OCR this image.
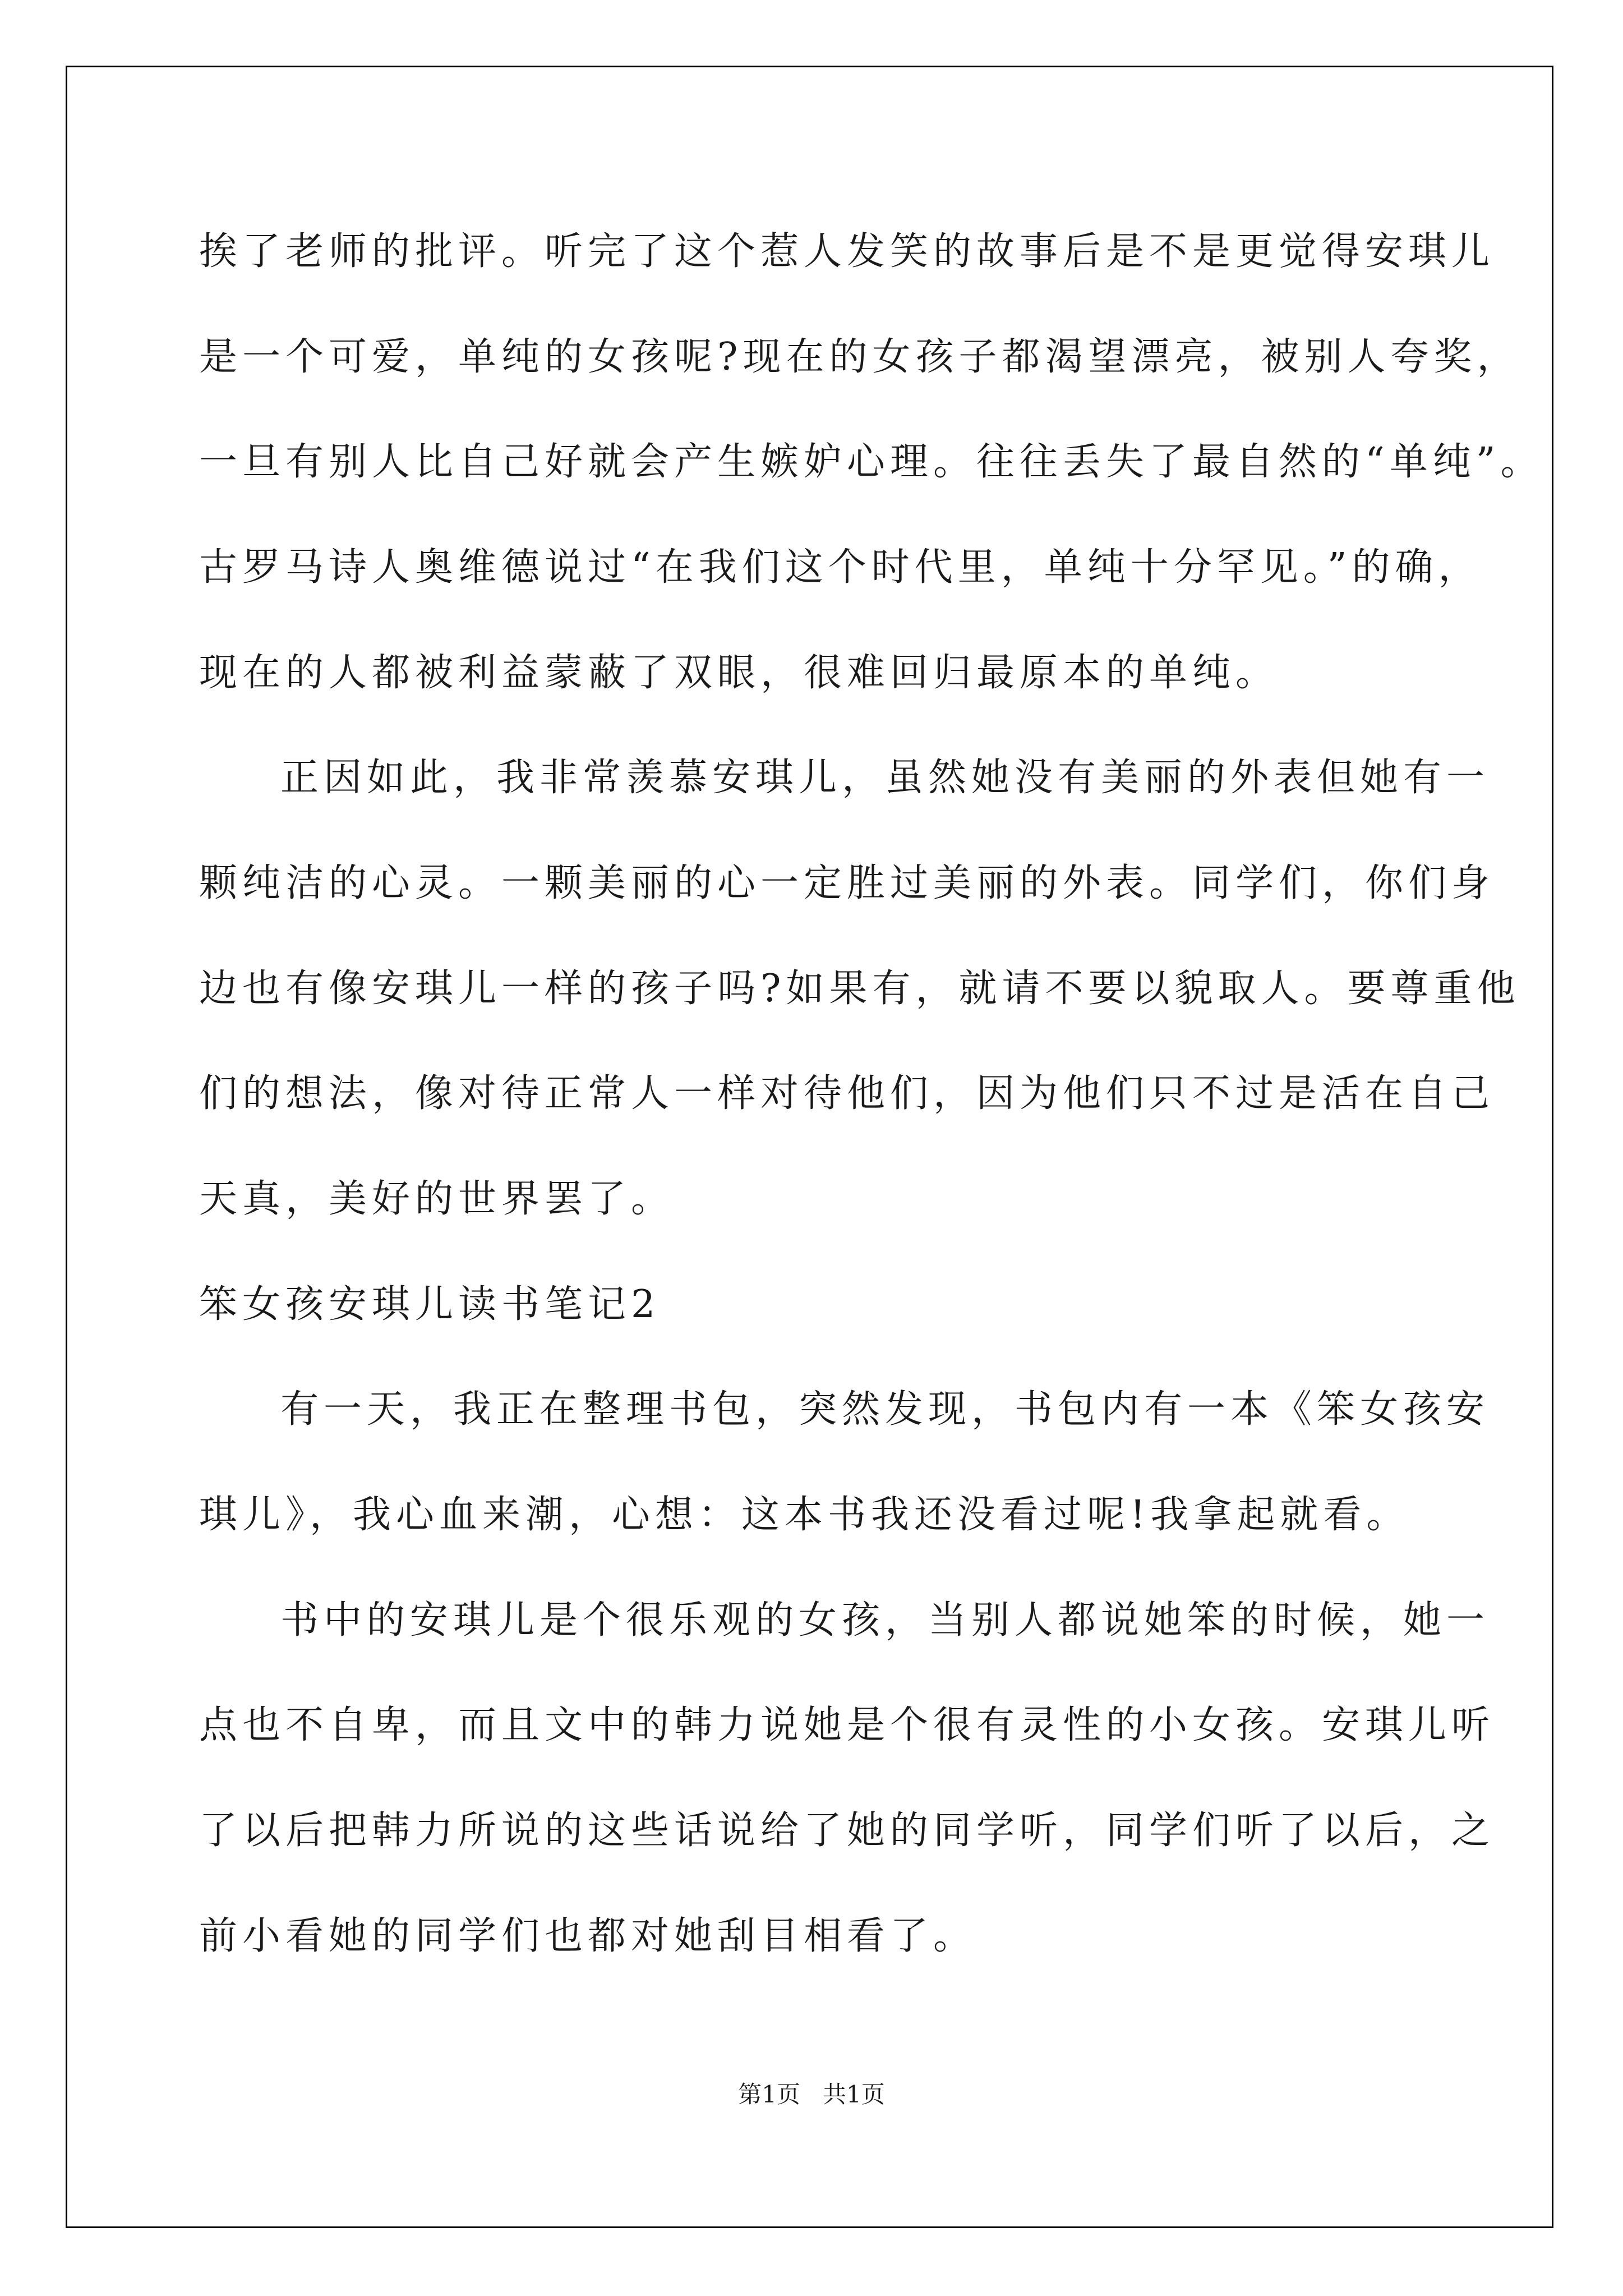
挨了老师的批评。听完了这个惹人发笑的故事后是不是更觉得安琪儿
是一个可爱，单纯的女孩呢?现在的女孩子都渴望漂亮，被别人夸奖，
一旦有别人比自己好就会产生嫉妒心理。往往丢失了最自然的“单纯”。
古罗马诗人奥维德说过“在我们这个时代里，单纯十分罕见。”的确，
现在的人都被利益蒙蔽了双眼，很难回归最原本的单纯。
正因如此，我非常羡慕安琪儿，虽然她没有美丽的外表但她有一
颗纯洁的心灵。一颗美丽的心一定胜过美丽的外表。同学们，你们身
边也有像安琪儿一样的孩子吗?如果有，就请不要以貌取人。要尊重他
们的想法，像对待正常人一样对待他们，因为他们只不过是活在自己
天真，美好的世界罢了。
笨女孩安琪儿读书笔记2
有一天，我正在整理书包，突然发现，书包内有一本《笨女孩安
琪儿》，我心血来潮，心想：这本书我还没看过呢!我拿起就看。
书中的安琪儿是个很乐观的女孩，当别人都说她笨的时候，她一
点也不自卑，而且文中的韩力说她是个很有灵性的小女孩。安琪儿听
了以后把韩力所说的这些话说给了她的同学听，同学们听了以后，之
前小看她的同学们也都对她刮目相看了。
第1页   共1页
